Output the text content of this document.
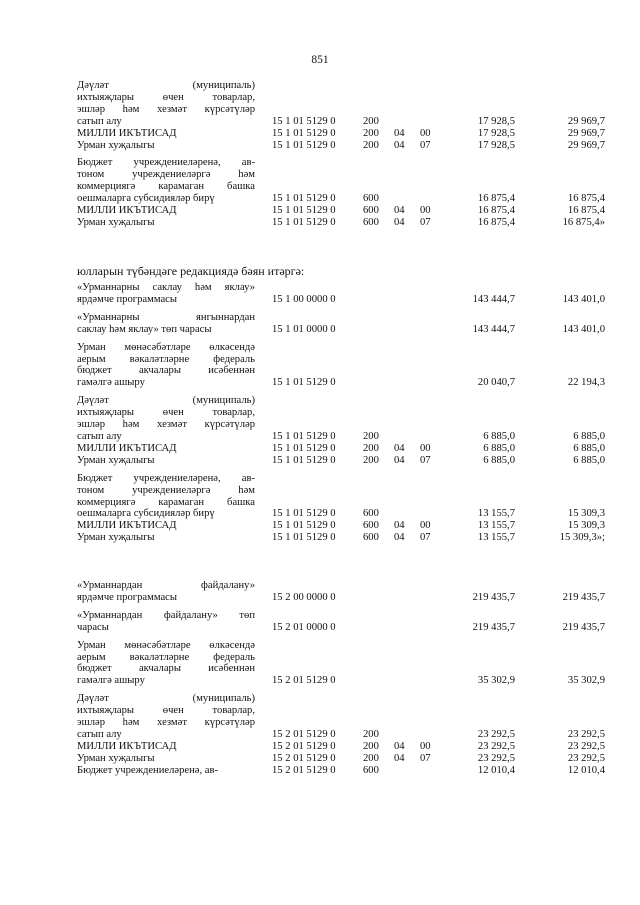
851
юлларын түбәндәге редакциядә бәян итәргә:
Дәүләт (муниципаль)
ихтыяҗлары өчен товарлар,
эшләр һәм хезмәт күрсәтүләр
сатып алу	15 1 01 5129 0	200	17 928,5	29 969,7
МИЛЛИ ИКЪТИСАД	15 1 01 5129 0	200 04 00	17 928,5	29 969,7
Урман хуҗалыгы	15 1 01 5129 0	200 04 07	17 928,5	29 969,7
Бюджет учреждениеләренә, ав-
тоном учреждениеләргә һәм
коммерциягә карамаган башка
оешмаларга субсидияләр бирү	15 1 01 5129 0	600	16 875,4	16 875,4
МИЛЛИ ИКЪТИСАД	15 1 01 5129 0	600 04 00	16 875,4	16 875,4
Урман хуҗалыгы	15 1 01 5129 0	600 04 07	16 875,4	16 875,4»
«Урманнарны саклау һәм яклау»
ярдәмче программасы	15 1 00 0000 0	143 444,7	143 401,0
«Урманнарны янгыннардан
саклау һәм яклау» төп чарасы	15 1 01 0000 0	143 444,7	143 401,0
Урман мөнәсәбәтләре өлкәсендә
аерым вәкаләтләрне федераль
бюджет акчалары исәбеннән
гамәлгә ашыру	15 1 01 5129 0	20 040,7	22 194,3
Дәүләт (муниципаль)
ихтыяҗлары өчен товарлар,
эшләр һәм хезмәт күрсәтүләр
сатып алу	15 1 01 5129 0	200	6 885,0	6 885,0
МИЛЛИ ИКЪТИСАД	15 1 01 5129 0	200 04 00	6 885,0	6 885,0
Урман хуҗалыгы	15 1 01 5129 0	200 04 07	6 885,0	6 885,0
Бюджет учреждениеләренә, ав-
тоном учреждениеләргә һәм
коммерциягә карамаган башка
оешмаларга субсидияләр бирү	15 1 01 5129 0	600	13 155,7	15 309,3
МИЛЛИ ИКЪТИСАД	15 1 01 5129 0	600 04 00	13 155,7	15 309,3
Урман хуҗалыгы	15 1 01 5129 0	600 04 07	13 155,7	15 309,3»;
«Урманнардан файдалану»
ярдәмче программасы	15 2 00 0000 0	219 435,7	219 435,7
«Урманнардан файдалану» төп
чарасы	15 2 01 0000 0	219 435,7	219 435,7
Урман мөнәсәбәтләре өлкәсендә
аерым вәкаләтләрне федераль
бюджет акчалары исәбеннән
гамәлгә ашыру	15 2 01 5129 0	35 302,9	35 302,9
Дәүләт (муниципаль)
ихтыяҗлары өчен товарлар,
эшләр һәм хезмәт күрсәтүләр
сатып алу	15 2 01 5129 0	200	23 292,5	23 292,5
МИЛЛИ ИКЪТИСАД	15 2 01 5129 0	200 04 00	23 292,5	23 292,5
Урман хуҗалыгы	15 2 01 5129 0	200 04 07	23 292,5	23 292,5
Бюджет учреждениеләренә, ав-	15 2 01 5129 0	600	12 010,4	12 010,4
